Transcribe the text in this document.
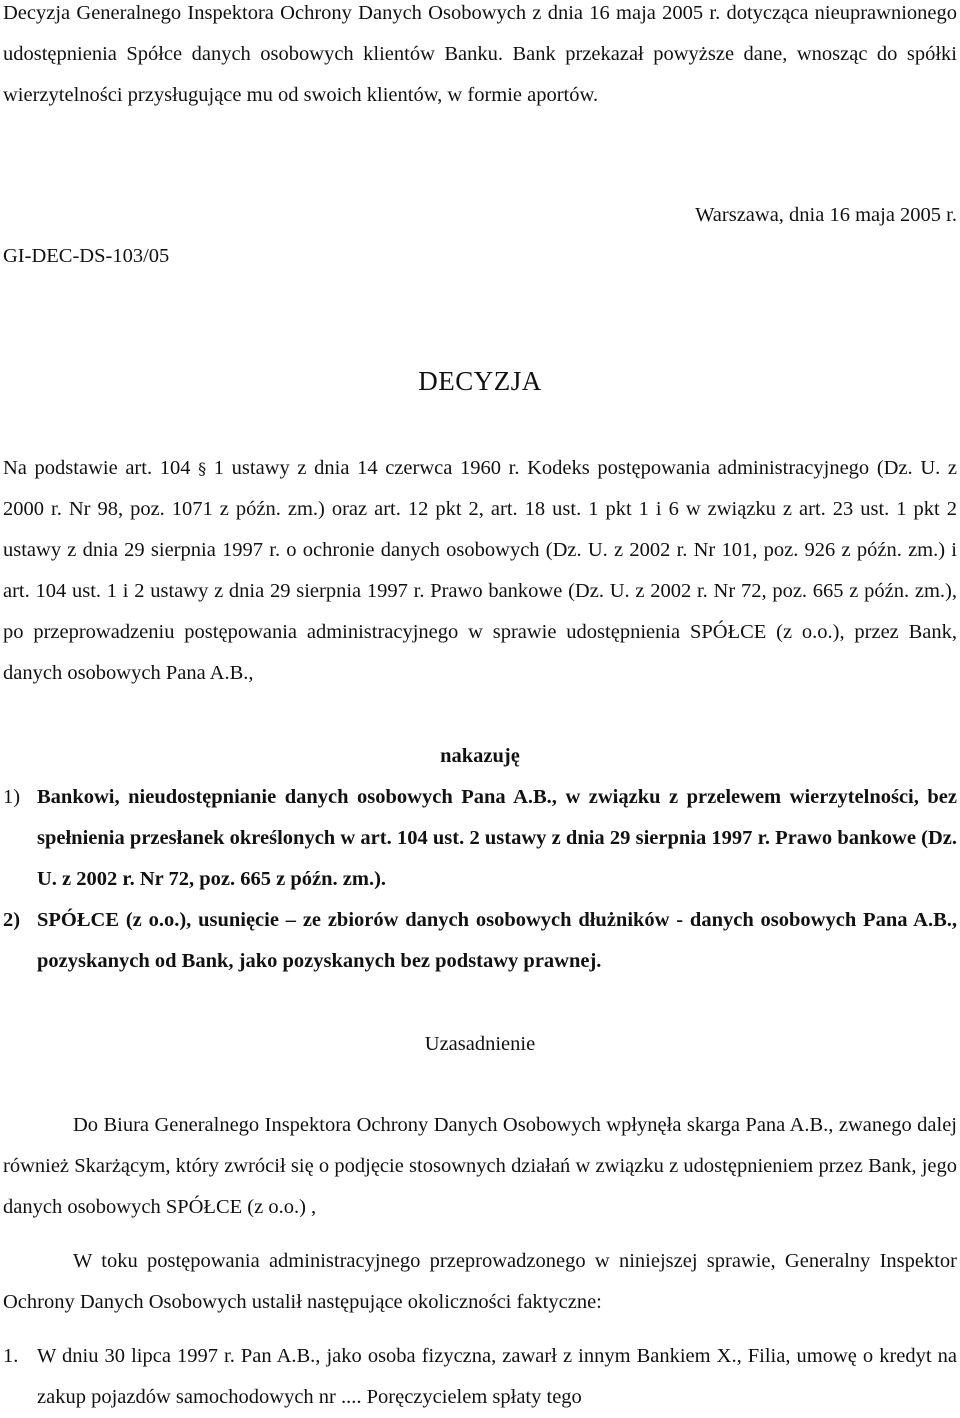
Decyzja Generalnego Inspektora Ochrony Danych Osobowych z dnia 16 maja 2005 r. dotycząca nieuprawnionego udostępnienia Spółce danych osobowych klientów Banku. Bank przekazał powyższe dane, wnosząc do spółki wierzytelności przysługujące mu od swoich klientów, w formie aportów.

Warszawa, dnia 16 maja 2005 r.

GI-DEC-DS-103/05

DECYZJA

Na podstawie art. 104 § 1 ustawy z dnia 14 czerwca 1960 r. Kodeks postępowania administracyjnego (Dz. U. z 2000 r. Nr 98, poz. 1071 z późn. zm.) oraz art. 12 pkt 2, art. 18 ust. 1 pkt 1 i 6 w związku z art. 23 ust. 1 pkt 2 ustawy z dnia 29 sierpnia 1997 r. o ochronie danych osobowych (Dz. U. z 2002 r. Nr 101, poz. 926 z późn. zm.) i art. 104 ust. 1 i 2 ustawy z dnia 29 sierpnia 1997 r. Prawo bankowe (Dz. U. z 2002 r. Nr 72, poz. 665 z późn. zm.), po przeprowadzeniu postępowania administracyjnego w sprawie udostępnienia SPÓŁCE (z o.o.), przez Bank, danych osobowych Pana A.B.,

nakazuję

1) Bankowi, nieudostępnianie danych osobowych Pana A.B., w związku z przelewem wierzytelności, bez spełnienia przesłanek określonych w art. 104 ust. 2 ustawy z dnia 29 sierpnia 1997 r. Prawo bankowe (Dz. U. z 2002 r. Nr 72, poz. 665 z późn. zm.).

2) SPÓŁCE (z o.o.), usunięcie – ze zbiorów danych osobowych dłużników - danych osobowych Pana A.B., pozyskanych od Bank, jako pozyskanych bez podstawy prawnej.

Uzasadnienie

Do Biura Generalnego Inspektora Ochrony Danych Osobowych wpłynęła skarga Pana A.B., zwanego dalej również Skarżącym, który zwrócił się o podjęcie stosownych działań w związku z udostępnieniem przez Bank, jego danych osobowych SPÓŁCE (z o.o.) ,

W toku postępowania administracyjnego przeprowadzonego w niniejszej sprawie, Generalny Inspektor Ochrony Danych Osobowych ustalił następujące okoliczności faktyczne:

1. W dniu 30 lipca 1997 r. Pan A.B., jako osoba fizyczna, zawarł z innym Bankiem X., Filia, umowę o kredyt na zakup pojazdów samochodowych nr .... Poręczycielem spłaty tego
